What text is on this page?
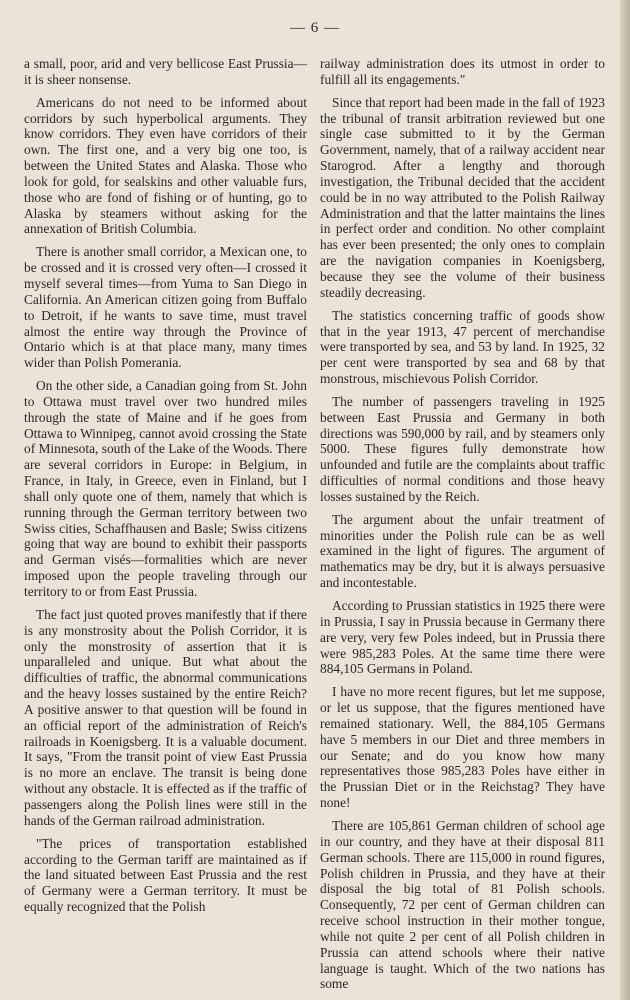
— 6 —

a small, poor, arid and very bellicose East Prussia—it is sheer nonsense.

Americans do not need to be informed about corridors by such hyperbolical arguments. They know corridors. They even have corridors of their own. The first one, and a very big one too, is between the United States and Alaska. Those who look for gold, for sealskins and other valuable furs, those who are fond of fishing or of hunting, go to Alaska by steamers without asking for the annexation of British Columbia.

There is another small corridor, a Mexican one, to be crossed and it is crossed very often—I crossed it myself several times—from Yuma to San Diego in California. An American citizen going from Buffalo to Detroit, if he wants to save time, must travel almost the entire way through the Province of Ontario which is at that place many, many times wider than Polish Pomerania.

On the other side, a Canadian going from St. John to Ottawa must travel over two hundred miles through the state of Maine and if he goes from Ottawa to Winnipeg, cannot avoid crossing the State of Minnesota, south of the Lake of the Woods. There are several corridors in Europe: in Belgium, in France, in Italy, in Greece, even in Finland, but I shall only quote one of them, namely that which is running through the German territory between two Swiss cities, Schaffhausen and Basle; Swiss citizens going that way are bound to exhibit their passports and German visés—formalities which are never imposed upon the people traveling through our territory to or from East Prussia.

The fact just quoted proves manifestly that if there is any monstrosity about the Polish Corridor, it is only the monstrosity of assertion that it is unparalleled and unique. But what about the difficulties of traffic, the abnormal communications and the heavy losses sustained by the entire Reich? A positive answer to that question will be found in an official report of the administration of Reich's railroads in Koenigsberg. It is a valuable document. It says, "From the transit point of view East Prussia is no more an enclave. The transit is being done without any obstacle. It is effected as if the traffic of passengers along the Polish lines were still in the hands of the German railroad administration.

"The prices of transportation established according to the German tariff are maintained as if the land situated between East Prussia and the rest of Germany were a German territory. It must be equally recognized that the Polish

railway administration does its utmost in order to fulfill all its engagements."

Since that report had been made in the fall of 1923 the tribunal of transit arbitration reviewed but one single case submitted to it by the German Government, namely, that of a railway accident near Starogrod. After a lengthy and thorough investigation, the Tribunal decided that the accident could be in no way attributed to the Polish Railway Administration and that the latter maintains the lines in perfect order and condition. No other complaint has ever been presented; the only ones to complain are the navigation companies in Koenigsberg, because they see the volume of their business steadily decreasing.

The statistics concerning traffic of goods show that in the year 1913, 47 percent of merchandise were transported by sea, and 53 by land. In 1925, 32 per cent were transported by sea and 68 by that monstrous, mischievous Polish Corridor.

The number of passengers traveling in 1925 between East Prussia and Germany in both directions was 590,000 by rail, and by steamers only 5000. These figures fully demonstrate how unfounded and futile are the complaints about traffic difficulties of normal conditions and those heavy losses sustained by the Reich.

The argument about the unfair treatment of minorities under the Polish rule can be as well examined in the light of figures. The argument of mathematics may be dry, but it is always persuasive and incontestable.

According to Prussian statistics in 1925 there were in Prussia, I say in Prussia because in Germany there are very, very few Poles indeed, but in Prussia there were 985,283 Poles. At the same time there were 884,105 Germans in Poland.

I have no more recent figures, but let me suppose, or let us suppose, that the figures mentioned have remained stationary. Well, the 884,105 Germans have 5 members in our Diet and three members in our Senate; and do you know how many representatives those 985,283 Poles have either in the Prussian Diet or in the Reichstag? They have none!

There are 105,861 German children of school age in our country, and they have at their disposal 811 German schools. There are 115,000 in round figures, Polish children in Prussia, and they have at their disposal the big total of 81 Polish schools. Consequently, 72 per cent of German children can receive school instruction in their mother tongue, while not quite 2 per cent of all Polish children in Prussia can attend schools where their native language is taught. Which of the two nations has some
